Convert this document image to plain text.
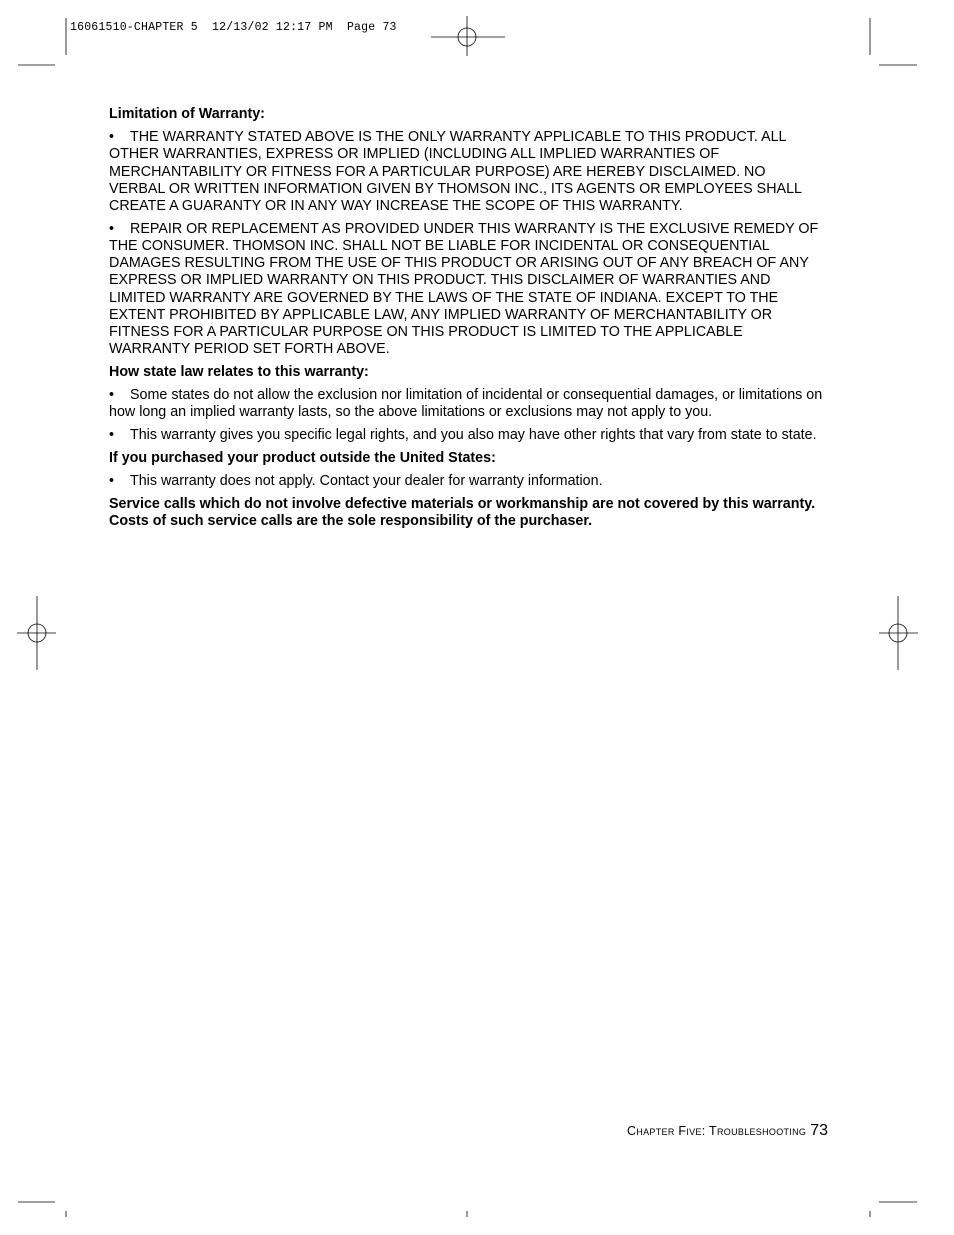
16061510-CHAPTER 5  12/13/02 12:17 PM  Page 73

Limitation of Warranty:

• THE WARRANTY STATED ABOVE IS THE ONLY WARRANTY APPLICABLE TO THIS PRODUCT. ALL OTHER WARRANTIES, EXPRESS OR IMPLIED (INCLUDING ALL IMPLIED WARRANTIES OF MERCHANTABILITY OR FITNESS FOR A PARTICULAR PURPOSE) ARE HEREBY DISCLAIMED. NO VERBAL OR WRITTEN INFORMATION GIVEN BY THOMSON INC., ITS AGENTS OR EMPLOYEES SHALL CREATE A GUARANTY OR IN ANY WAY INCREASE THE SCOPE OF THIS WARRANTY.

• REPAIR OR REPLACEMENT AS PROVIDED UNDER THIS WARRANTY IS THE EXCLUSIVE REMEDY OF THE CONSUMER. THOMSON INC. SHALL NOT BE LIABLE FOR INCIDENTAL OR CONSEQUENTIAL DAMAGES RESULTING FROM THE USE OF THIS PRODUCT OR ARISING OUT OF ANY BREACH OF ANY EXPRESS OR IMPLIED WARRANTY ON THIS PRODUCT. THIS DISCLAIMER OF WARRANTIES AND LIMITED WARRANTY ARE GOVERNED BY THE LAWS OF THE STATE OF INDIANA. EXCEPT TO THE EXTENT PROHIBITED BY APPLICABLE LAW, ANY IMPLIED WARRANTY OF MERCHANTABILITY OR FITNESS FOR A PARTICULAR PURPOSE ON THIS PRODUCT IS LIMITED TO THE APPLICABLE WARRANTY PERIOD SET FORTH ABOVE.

How state law relates to this warranty:

• Some states do not allow the exclusion nor limitation of incidental or consequential damages, or limitations on how long an implied warranty lasts, so the above limitations or exclusions may not apply to you.

• This warranty gives you specific legal rights, and you also may have other rights that vary from state to state.

If you purchased your product outside the United States:

• This warranty does not apply. Contact your dealer for warranty information.

Service calls which do not involve defective materials or workmanship are not covered by this warranty. Costs of such service calls are the sole responsibility of the purchaser.

Chapter Five: Troubleshooting 73
